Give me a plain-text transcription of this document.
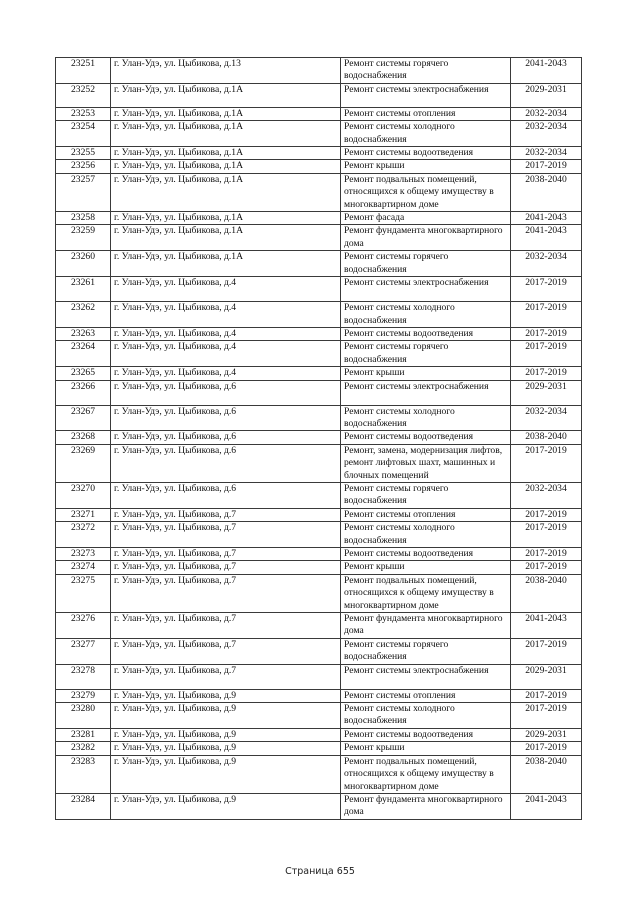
23251	г. Улан-Удэ, ул. Цыбикова, д.13	Ремонт системы горячего водоснабжения	2041-2043
23252	г. Улан-Удэ, ул. Цыбикова, д.1А	Ремонт системы электроснабжения	2029-2031
23253	г. Улан-Удэ, ул. Цыбикова, д.1А	Ремонт системы отопления	2032-2034
23254	г. Улан-Удэ, ул. Цыбикова, д.1А	Ремонт системы холодного водоснабжения	2032-2034
23255	г. Улан-Удэ, ул. Цыбикова, д.1А	Ремонт системы водоотведения	2032-2034
23256	г. Улан-Удэ, ул. Цыбикова, д.1А	Ремонт крыши	2017-2019
23257	г. Улан-Удэ, ул. Цыбикова, д.1А	Ремонт подвальных помещений, относящихся к общему имуществу в многоквартирном доме	2038-2040
23258	г. Улан-Удэ, ул. Цыбикова, д.1А	Ремонт фасада	2041-2043
23259	г. Улан-Удэ, ул. Цыбикова, д.1А	Ремонт фундамента многоквартирного дома	2041-2043
23260	г. Улан-Удэ, ул. Цыбикова, д.1А	Ремонт системы горячего водоснабжения	2032-2034
23261	г. Улан-Удэ, ул. Цыбикова, д.4	Ремонт системы электроснабжения	2017-2019
23262	г. Улан-Удэ, ул. Цыбикова, д.4	Ремонт системы холодного водоснабжения	2017-2019
23263	г. Улан-Удэ, ул. Цыбикова, д.4	Ремонт системы водоотведения	2017-2019
23264	г. Улан-Удэ, ул. Цыбикова, д.4	Ремонт системы горячего водоснабжения	2017-2019
23265	г. Улан-Удэ, ул. Цыбикова, д.4	Ремонт крыши	2017-2019
23266	г. Улан-Удэ, ул. Цыбикова, д.6	Ремонт системы электроснабжения	2029-2031
23267	г. Улан-Удэ, ул. Цыбикова, д.6	Ремонт системы холодного водоснабжения	2032-2034
23268	г. Улан-Удэ, ул. Цыбикова, д.6	Ремонт системы водоотведения	2038-2040
23269	г. Улан-Удэ, ул. Цыбикова, д.6	Ремонт, замена, модернизация лифтов, ремонт лифтовых шахт, машинных и блочных помещений	2017-2019
23270	г. Улан-Удэ, ул. Цыбикова, д.6	Ремонт системы горячего водоснабжения	2032-2034
23271	г. Улан-Удэ, ул. Цыбикова, д.7	Ремонт системы отопления	2017-2019
23272	г. Улан-Удэ, ул. Цыбикова, д.7	Ремонт системы холодного водоснабжения	2017-2019
23273	г. Улан-Удэ, ул. Цыбикова, д.7	Ремонт системы водоотведения	2017-2019
23274	г. Улан-Удэ, ул. Цыбикова, д.7	Ремонт крыши	2017-2019
23275	г. Улан-Удэ, ул. Цыбикова, д.7	Ремонт подвальных помещений, относящихся к общему имуществу в многоквартирном доме	2038-2040
23276	г. Улан-Удэ, ул. Цыбикова, д.7	Ремонт фундамента многоквартирного дома	2041-2043
23277	г. Улан-Удэ, ул. Цыбикова, д.7	Ремонт системы горячего водоснабжения	2017-2019
23278	г. Улан-Удэ, ул. Цыбикова, д.7	Ремонт системы электроснабжения	2029-2031
23279	г. Улан-Удэ, ул. Цыбикова, д.9	Ремонт системы отопления	2017-2019
23280	г. Улан-Удэ, ул. Цыбикова, д.9	Ремонт системы холодного водоснабжения	2017-2019
23281	г. Улан-Удэ, ул. Цыбикова, д.9	Ремонт системы водоотведения	2029-2031
23282	г. Улан-Удэ, ул. Цыбикова, д.9	Ремонт крыши	2017-2019
23283	г. Улан-Удэ, ул. Цыбикова, д.9	Ремонт подвальных помещений, относящихся к общему имуществу в многоквартирном доме	2038-2040
23284	г. Улан-Удэ, ул. Цыбикова, д.9	Ремонт фундамента многоквартирного дома	2041-2043
Страница 655
